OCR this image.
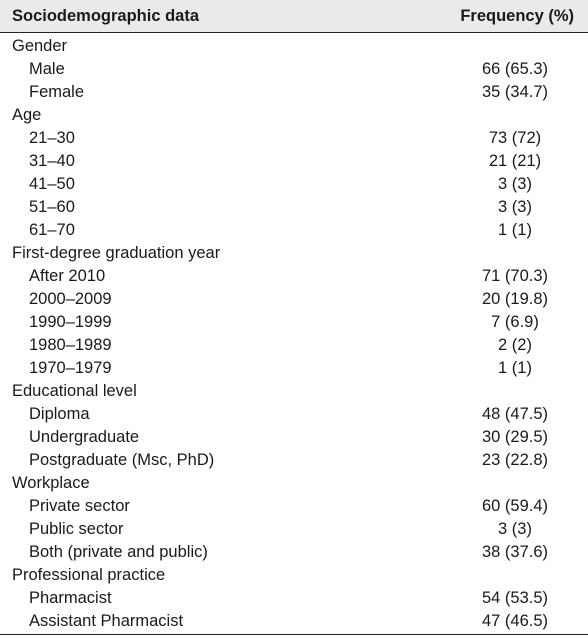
Sociodemographic data	Frequency (%)
Gender
Male	66 (65.3)
Female	35 (34.7)
Age
21–30	73 (72)
31–40	21 (21)
41–50	3 (3)
51–60	3 (3)
61–70	1 (1)
First-degree graduation year
After 2010	71 (70.3)
2000–2009	20 (19.8)
1990–1999	7 (6.9)
1980–1989	2 (2)
1970–1979	1 (1)
Educational level
Diploma	48 (47.5)
Undergraduate	30 (29.5)
Postgraduate (Msc, PhD)	23 (22.8)
Workplace
Private sector	60 (59.4)
Public sector	3 (3)
Both (private and public)	38 (37.6)
Professional practice
Pharmacist	54 (53.5)
Assistant Pharmacist	47 (46.5)
